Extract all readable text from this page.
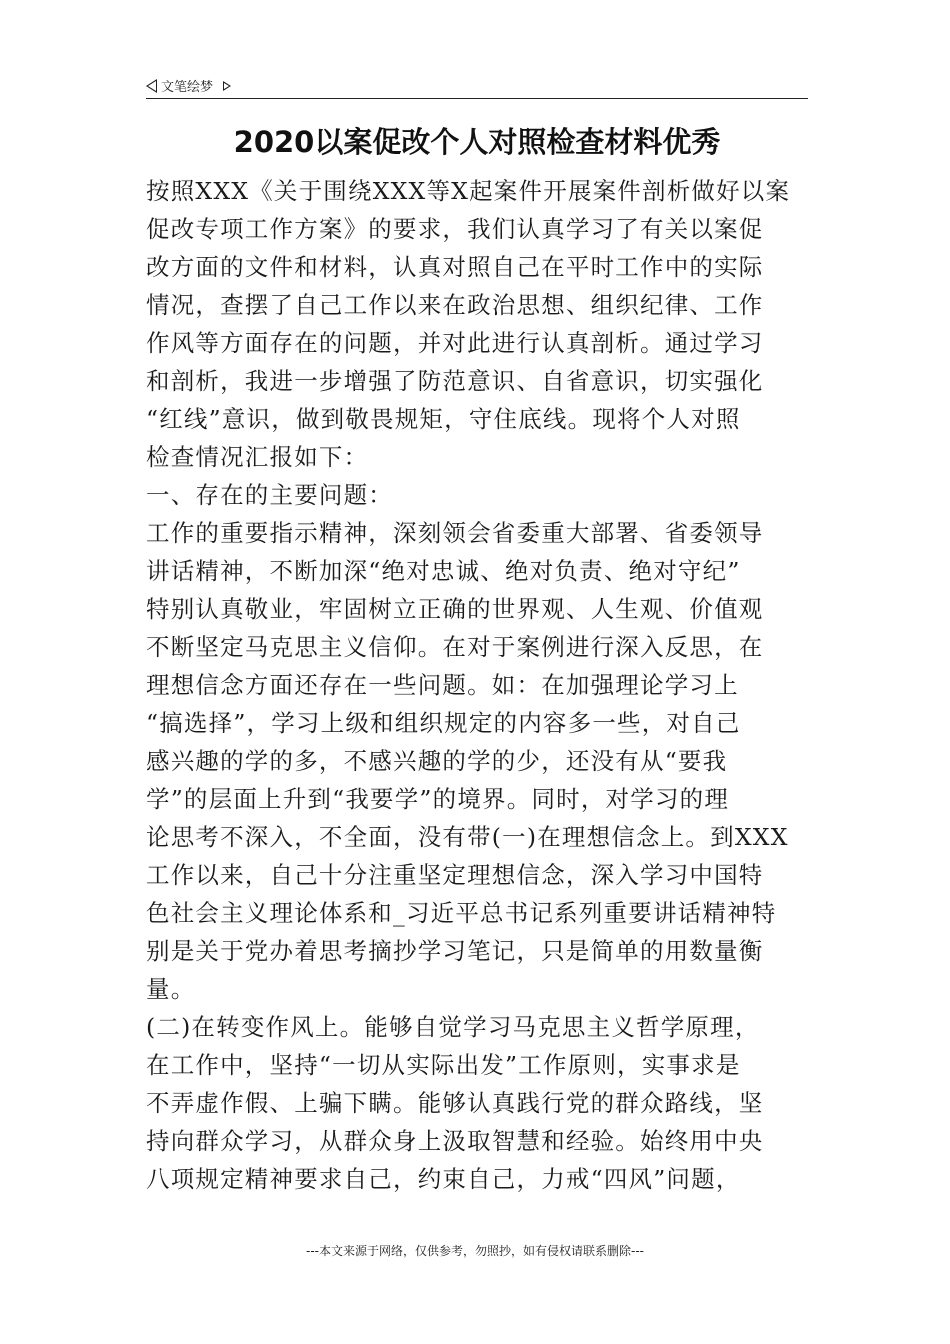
文笔绘梦
2020以案促改个人对照检查材料优秀
按照XXX《关于围绕XXX等X起案件开展案件剖析做好以案
促改专项工作方案》的要求，我们认真学习了有关以案促
改方面的文件和材料，认真对照自己在平时工作中的实际
情况，查摆了自己工作以来在政治思想、组织纪律、工作
作风等方面存在的问题，并对此进行认真剖析。通过学习
和剖析，我进一步增强了防范意识、自省意识，切实强化
“红线”意识，做到敬畏规矩，守住底线。现将个人对照
检查情况汇报如下：
一、存在的主要问题：
工作的重要指示精神，深刻领会省委重大部署、省委领导
讲话精神，不断加深“绝对忠诚、绝对负责、绝对守纪”
特别认真敬业，牢固树立正确的世界观、人生观、价值观
不断坚定马克思主义信仰。在对于案例进行深入反思，在
理想信念方面还存在一些问题。如：在加强理论学习上
“搞选择”，学习上级和组织规定的内容多一些，对自己
感兴趣的学的多，不感兴趣的学的少，还没有从“要我
学”的层面上升到“我要学”的境界。同时，对学习的理
论思考不深入，不全面，没有带(一)在理想信念上。到XXX
工作以来，自己十分注重坚定理想信念，深入学习中国特
色社会主义理论体系和_习近平总书记系列重要讲话精神特
别是关于党办着思考摘抄学习笔记，只是简单的用数量衡
量。
(二)在转变作风上。能够自觉学习马克思主义哲学原理，
在工作中，坚持“一切从实际出发”工作原则，实事求是
不弄虚作假、上骗下瞒。能够认真践行党的群众路线，坚
持向群众学习，从群众身上汲取智慧和经验。始终用中央
八项规定精神要求自己，约束自己，力戒“四风”问题，
---本文来源于网络，仅供参考，勿照抄，如有侵权请联系删除---
